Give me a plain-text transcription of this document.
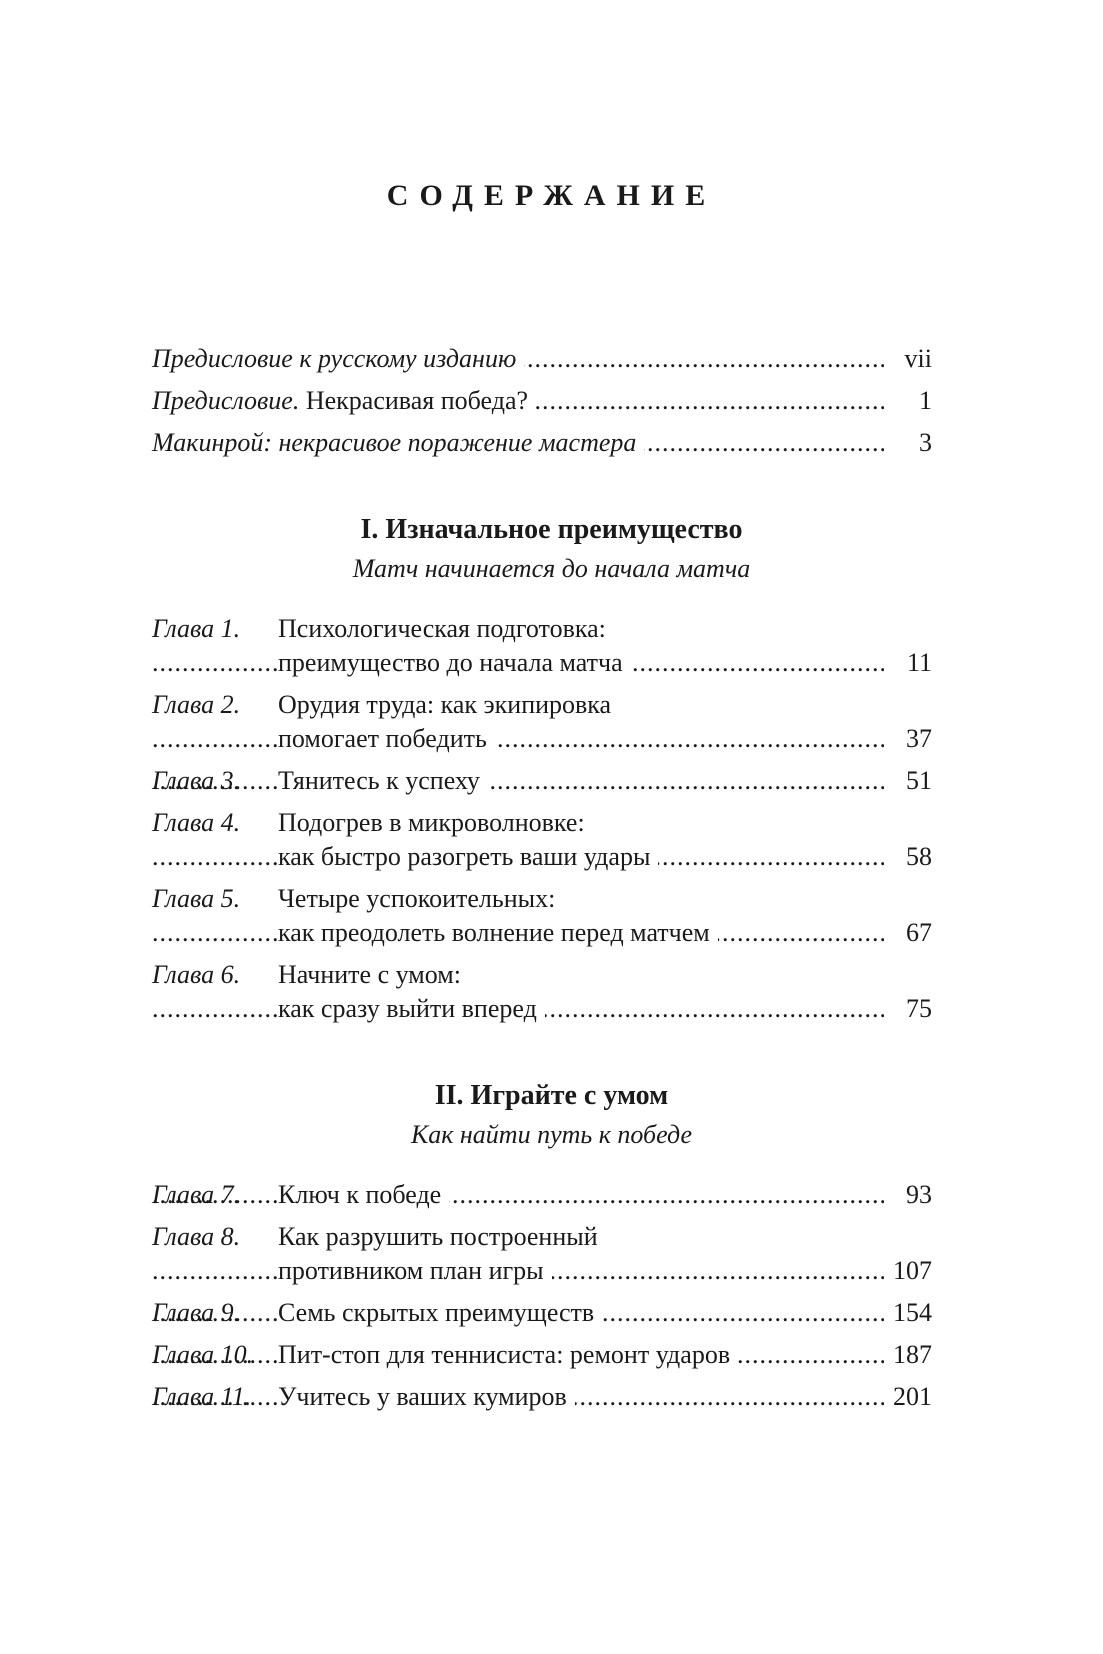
СОДЕРЖАНИЕ
.....
Предисловие к русскому изданию	vii
.....
Предисловие. Некрасивая победа?	1
.....
Макинрой: некрасивое поражение мастера	3
I. Изначальное преимущество
Матч начинается до начала матча
Глава 1. Психологическая подготовка:
.....
преимущество до начала матча	11
Глава 2. Орудия труда: как экипировка
.....
помогает победить	37
.....
Глава 3. Тянитесь к успеху	51
Глава 4. Подогрев в микроволновке:
.....
как быстро разогреть ваши удары	58
Глава 5. Четыре успокоительных:
.....
как преодолеть волнение перед матчем	67
Глава 6. Начните с умом:
.....
как сразу выйти вперед	75
II. Играйте с умом
Как найти путь к победе
.....
Глава 7. Ключ к победе	93
Глава 8. Как разрушить построенный
.....
противником план игры	107
.....
Глава 9. Семь скрытых преимуществ	154
.....
Глава 10. Пит-стоп для теннисиста: ремонт ударов	187
.....
Глава 11. Учитесь у ваших кумиров	201
